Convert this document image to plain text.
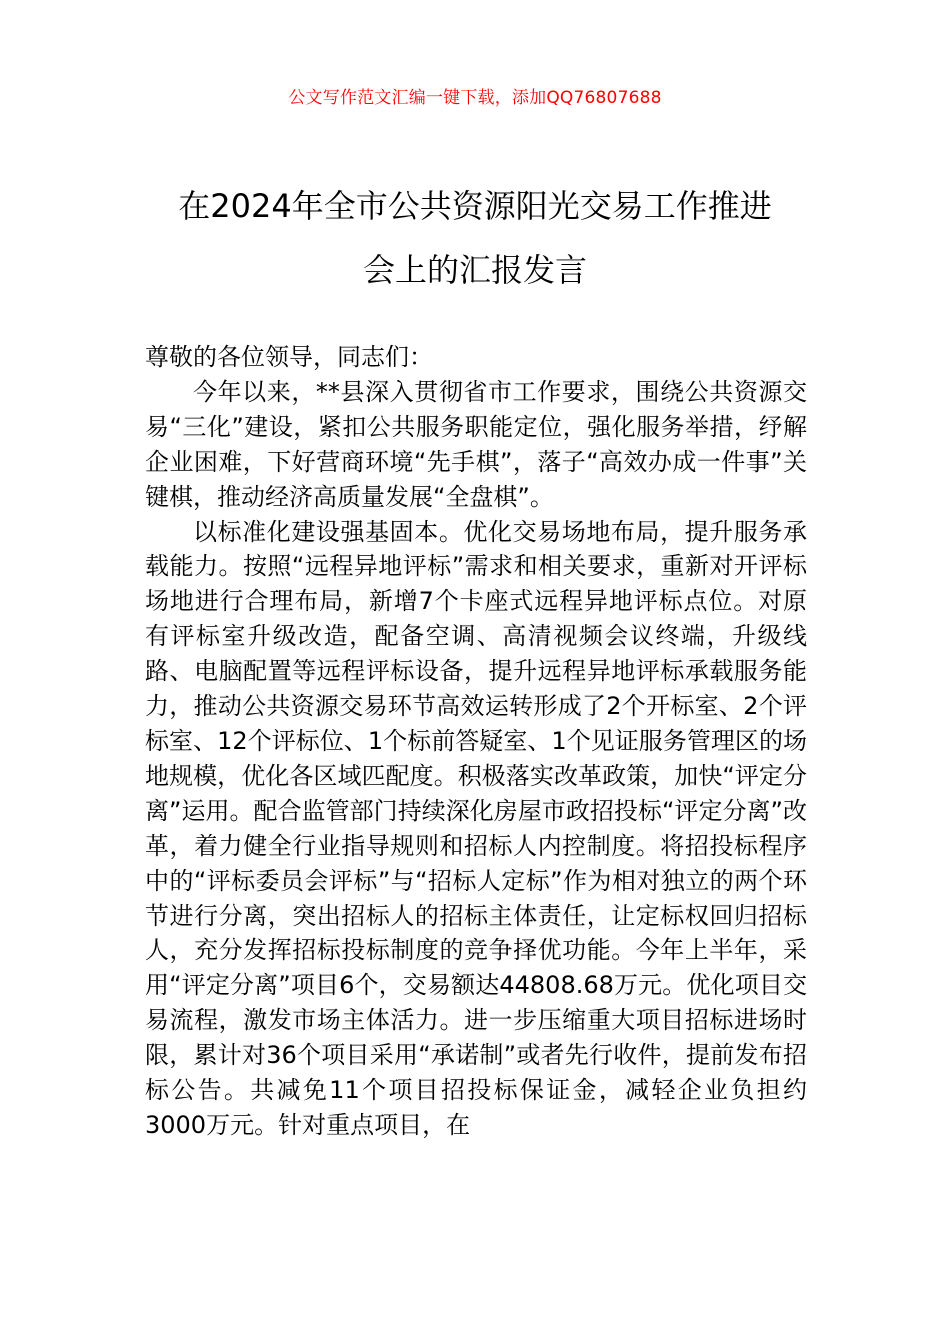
公文写作范文汇编一键下载，添加QQ76807688
在2024年全市公共资源阳光交易工作推进
会上的汇报发言

尊敬的各位领导，同志们：

今年以来，**县深入贯彻省市工作要求，围绕公共资源交易“三化”建设，紧扣公共服务职能定位，强化服务举措，纾解企业困难，下好营商环境“先手棋”，落子“高效办成一件事”关键棋，推动经济高质量发展“全盘棋”。

以标准化建设强基固本。优化交易场地布局，提升服务承载能力。按照“远程异地评标”需求和相关要求，重新对开评标场地进行合理布局，新增7个卡座式远程异地评标点位。对原有评标室升级改造，配备空调、高清视频会议终端，升级线路、电脑配置等远程评标设备，提升远程异地评标承载服务能力，推动公共资源交易环节高效运转形成了2个开标室、2个评标室、12个评标位、1个标前答疑室、1个见证服务管理区的场地规模，优化各区域匹配度。积极落实改革政策，加快“评定分离”运用。配合监管部门持续深化房屋市政招投标“评定分离”改革，着力健全行业指导规则和招标人内控制度。将招投标程序中的“评标委员会评标”与“招标人定标”作为相对独立的两个环节进行分离，突出招标人的招标主体责任，让定标权回归招标人，充分发挥招标投标制度的竞争择优功能。今年上半年，采用“评定分离”项目6个，交易额达44808.68万元。优化项目交易流程，激发市场主体活力。进一步压缩重大项目招标进场时限，累计对36个项目采用“承诺制”或者先行收件，提前发布招标公告。共减免11个项目招投标保证金，减轻企业负担约3000万元。针对重点项目，在
